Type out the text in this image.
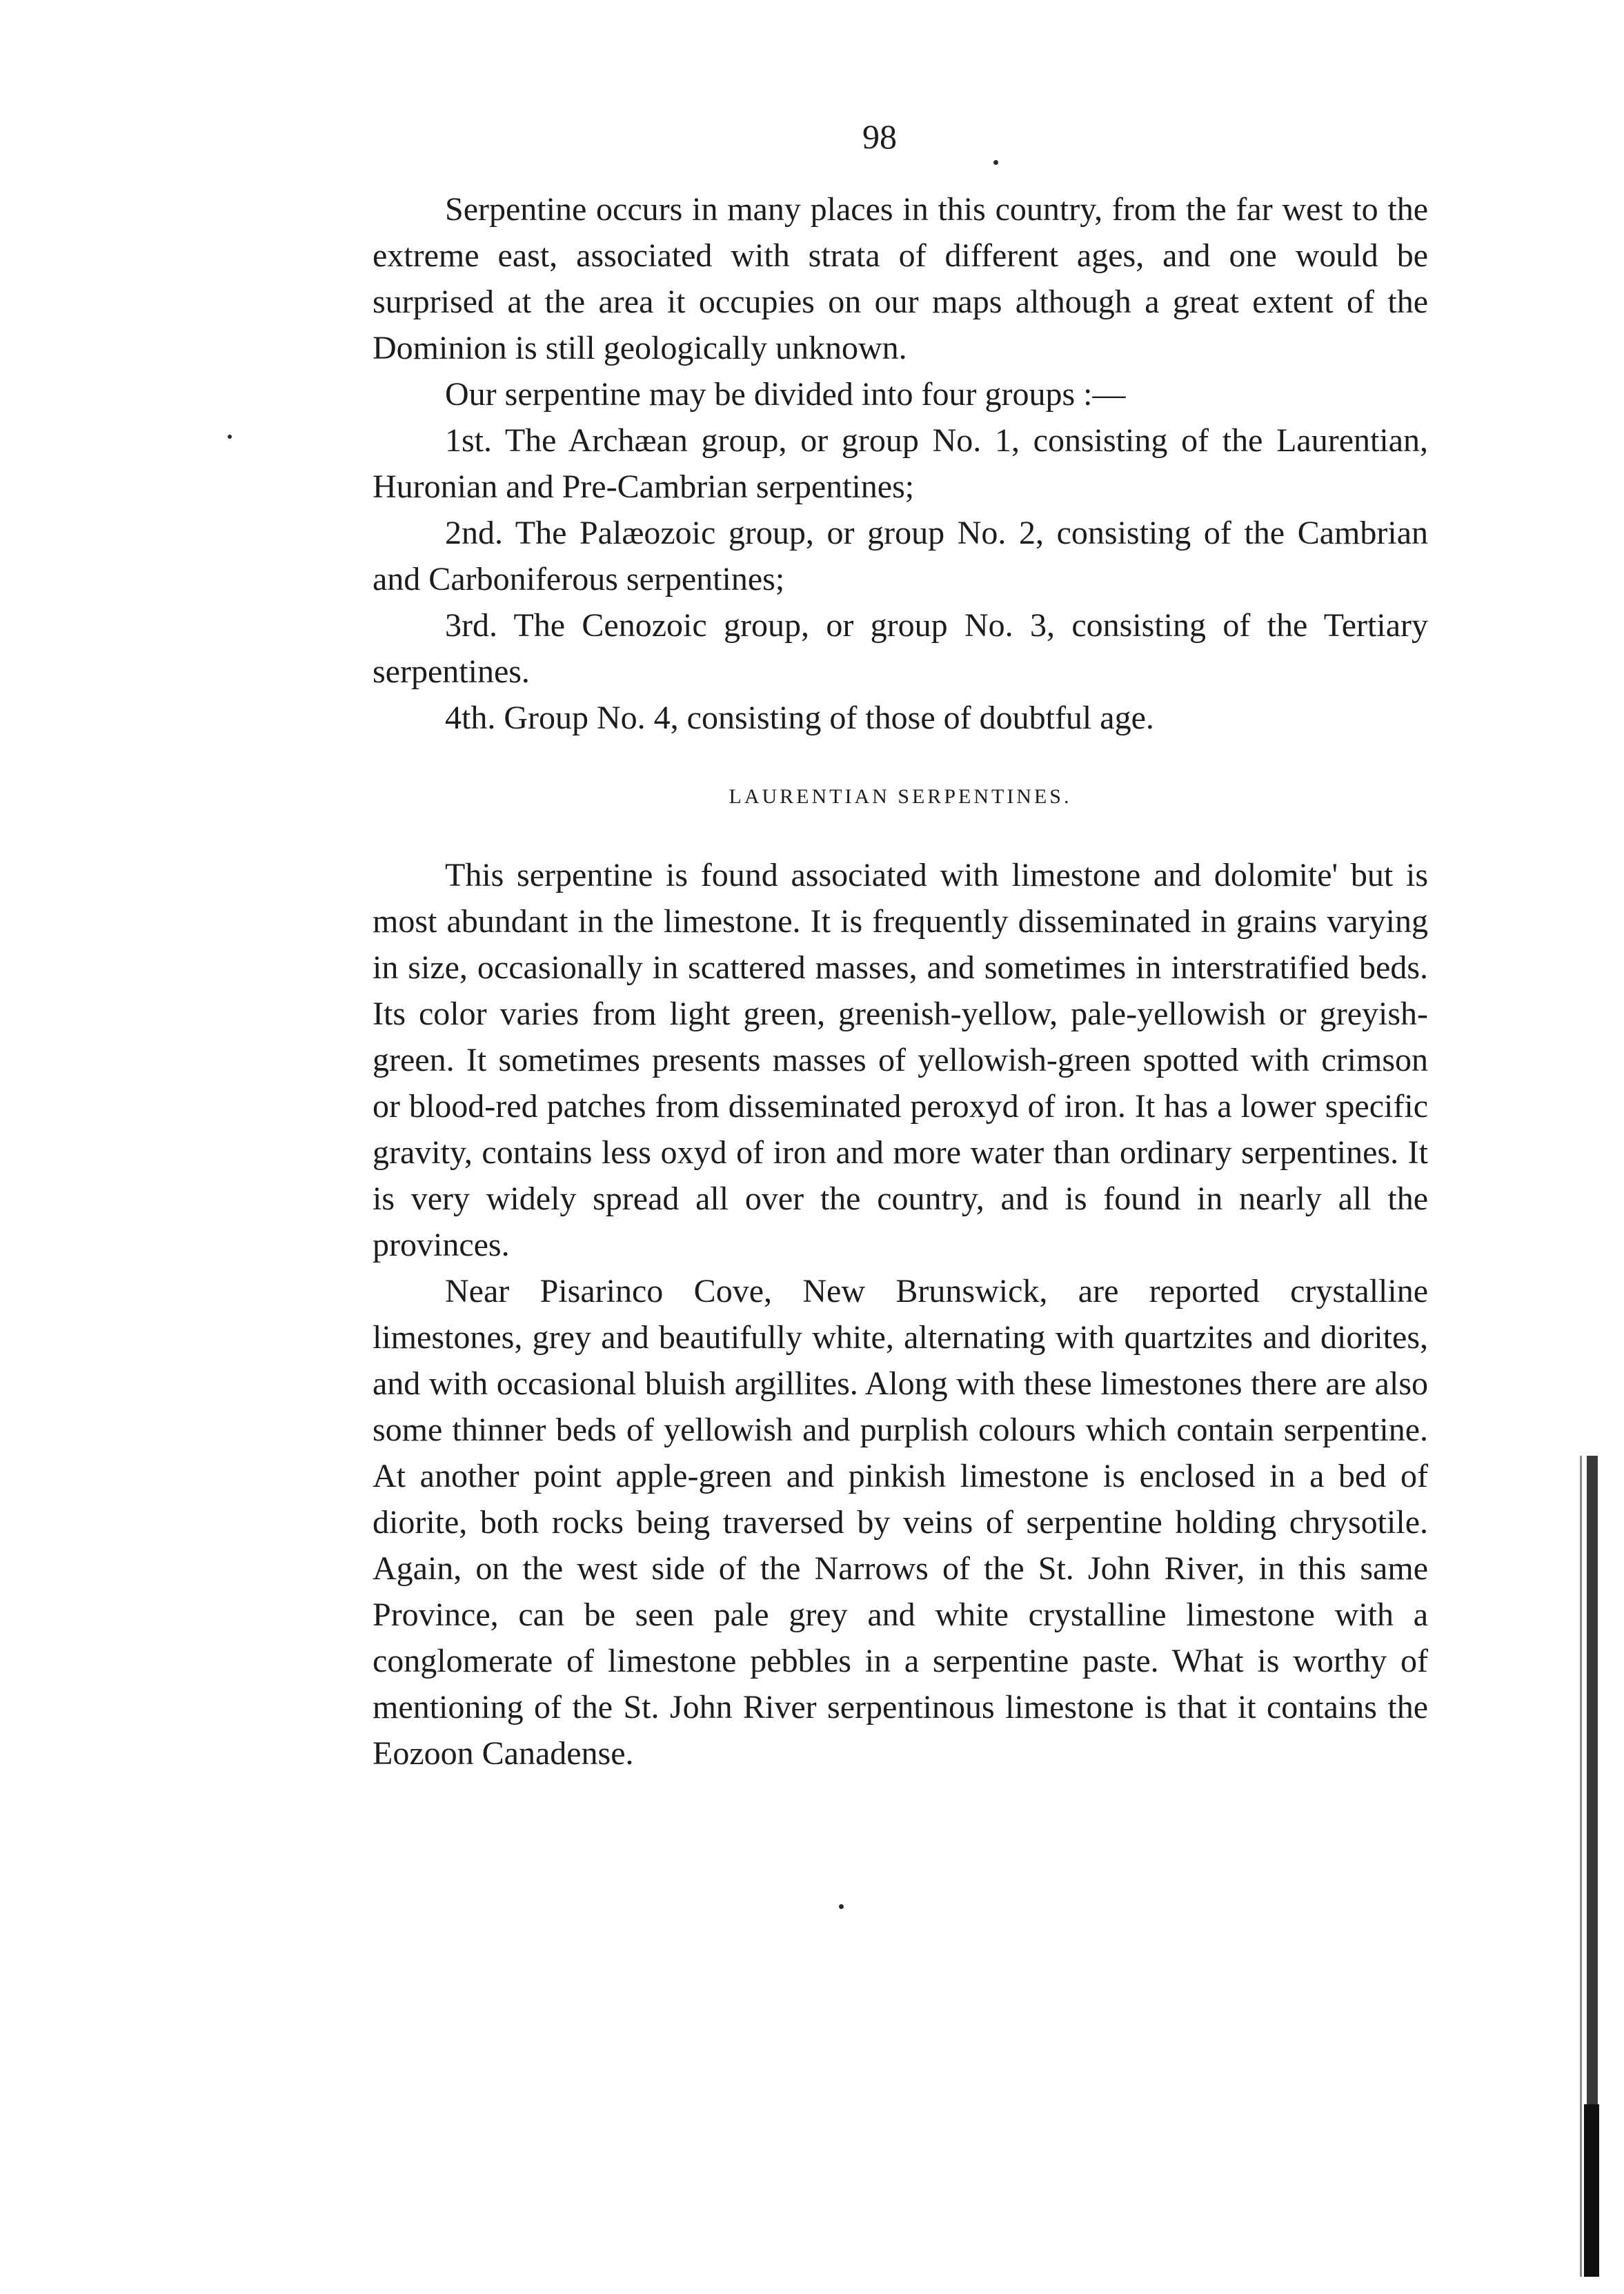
98

Serpentine occurs in many places in this country, from the far west to the extreme east, associated with strata of different ages, and one would be surprised at the area it occupies on our maps although a great extent of the Dominion is still geologically unknown.

Our serpentine may be divided into four groups :—

1st. The Archæan group, or group No. 1, consisting of the Laurentian, Huronian and Pre-Cambrian serpentines;

2nd. The Palæozoic group, or group No. 2, consisting of the Cambrian and Carboniferous serpentines;

3rd. The Cenozoic group, or group No. 3, consisting of the Tertiary serpentines.

4th. Group No. 4, consisting of those of doubtful age.

LAURENTIAN SERPENTINES.

This serpentine is found associated with limestone and dolomite' but is most abundant in the limestone. It is frequently disseminated in grains varying in size, occasionally in scattered masses, and sometimes in interstratified beds. Its color varies from light green, greenish-yellow, pale-yellowish or greyish-green. It sometimes presents masses of yellowish-green spotted with crimson or blood-red patches from disseminated peroxyd of iron. It has a lower specific gravity, contains less oxyd of iron and more water than ordinary serpentines. It is very widely spread all over the country, and is found in nearly all the provinces.

Near Pisarinco Cove, New Brunswick, are reported crystalline limestones, grey and beautifully white, alternating with quartzites and diorites, and with occasional bluish argillites. Along with these limestones there are also some thinner beds of yellowish and purplish colours which contain serpentine. At another point apple-green and pinkish limestone is enclosed in a bed of diorite, both rocks being traversed by veins of serpentine holding chrysotile. Again, on the west side of the Narrows of the St. John River, in this same Province, can be seen pale grey and white crystalline limestone with a conglomerate of limestone pebbles in a serpentine paste. What is worthy of mentioning of the St. John River serpentinous limestone is that it contains the Eozoon Canadense.
